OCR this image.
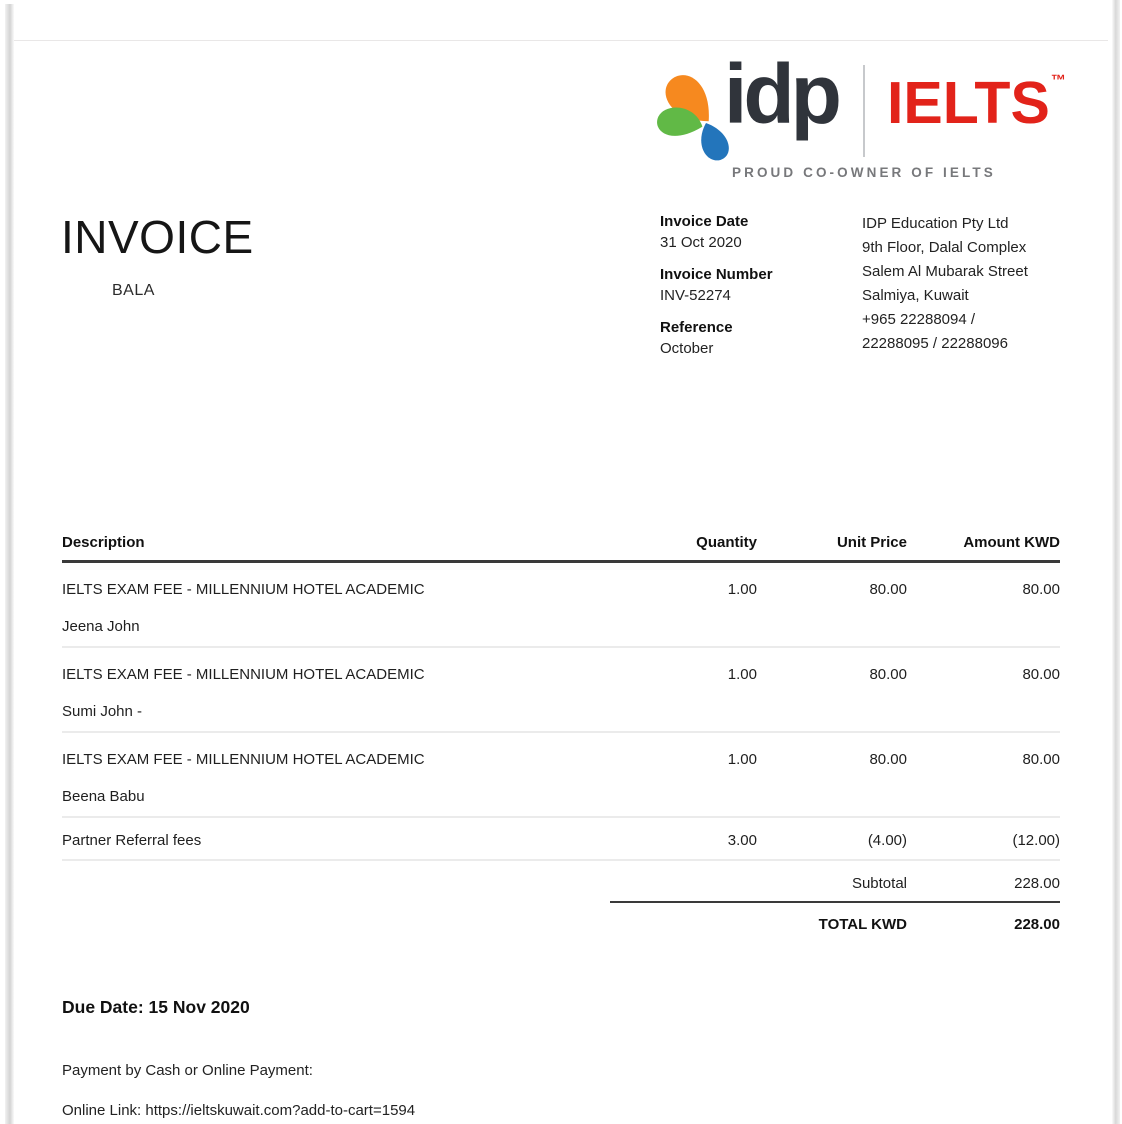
idp IELTS™
PROUD CO-OWNER OF IELTS
INVOICE
BALA
Invoice Date
31 Oct 2020
Invoice Number
INV-52274
Reference
October
IDP Education Pty Ltd
9th Floor, Dalal Complex
Salem Al Mubarak Street
Salmiya, Kuwait
+965 22288094 /
22288095 / 22288096
Description	Quantity	Unit Price	Amount KWD
IELTS EXAM FEE - MILLENNIUM HOTEL ACADEMIC	1.00	80.00	80.00
Jeena John
IELTS EXAM FEE - MILLENNIUM HOTEL ACADEMIC	1.00	80.00	80.00
Sumi John -
IELTS EXAM FEE - MILLENNIUM HOTEL ACADEMIC	1.00	80.00	80.00
Beena Babu
Partner Referral fees	3.00	(4.00)	(12.00)
Subtotal	228.00
TOTAL KWD	228.00
Due Date: 15 Nov 2020
Payment by Cash or Online Payment:
Online Link: https://ieltskuwait.com?add-to-cart=1594
